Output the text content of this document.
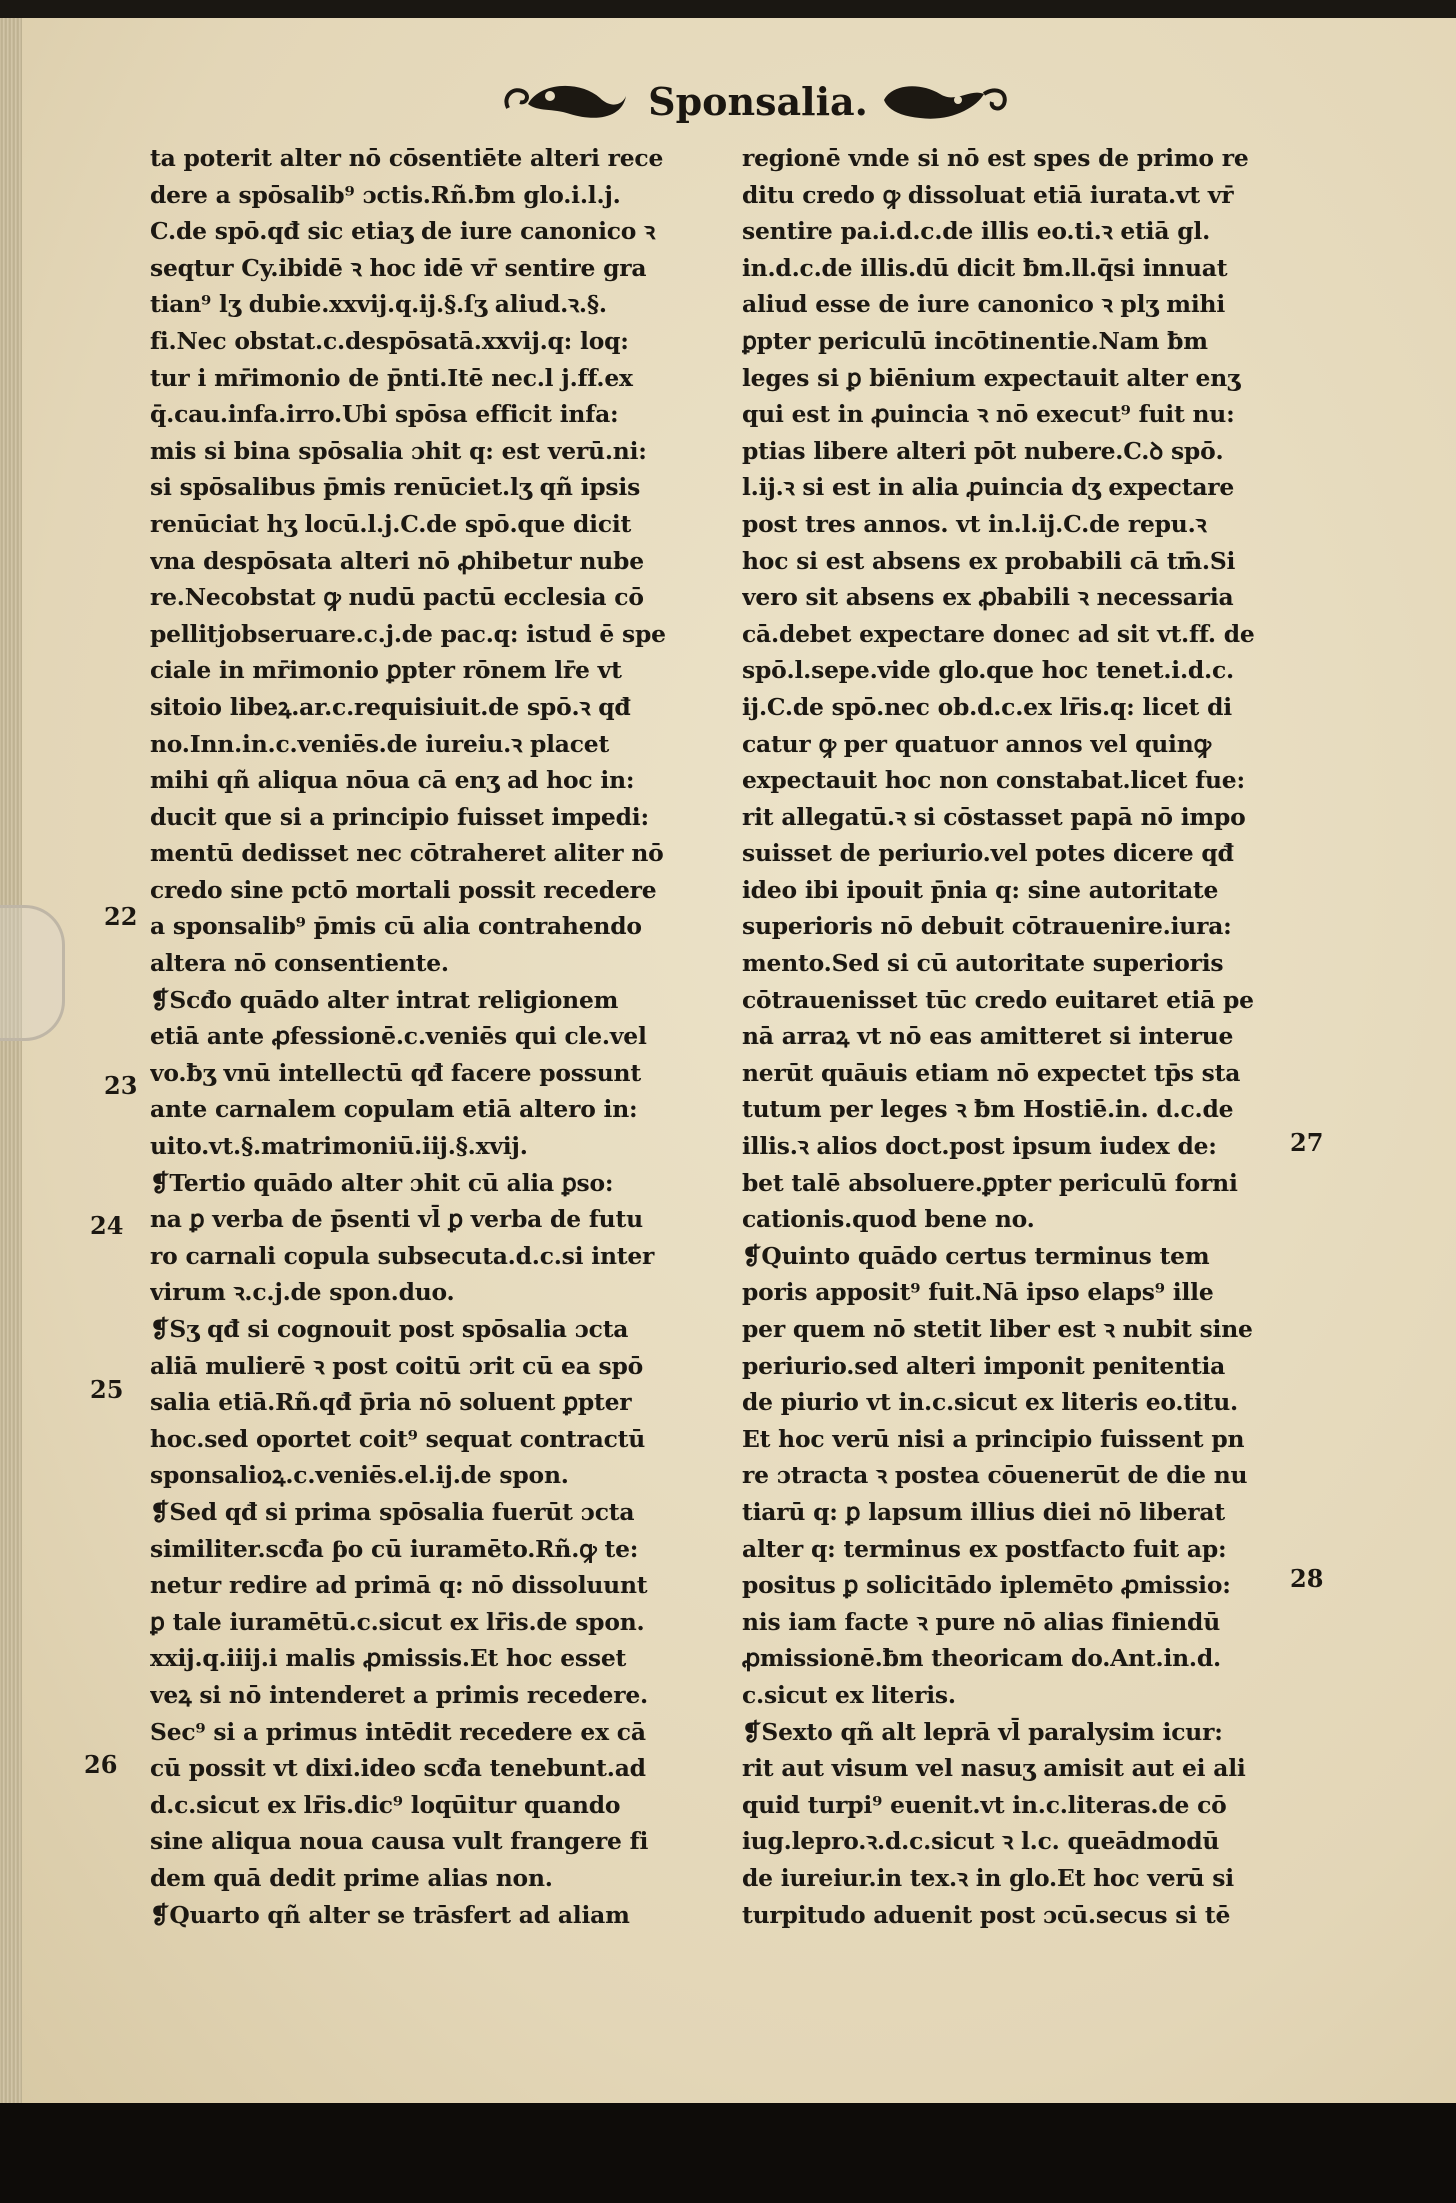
Sponsalia.
ta poterit alter nō cōsentiēte alteri rece
dere a spōsalib⁹ ɔctis.Rñ.ƀm glo.i.l.j.
C.de spō.qđ sic etiaʒ de iure canonico ꝛ
seqtur Cy.ibidē ꝛ hoc idē vr̄ sentire gra
tian⁹ lʒ dubie.xxvij.q.ij.§.ſʒ aliud.ꝛ.§.
fi.Nec obstat.c.despōsatā.xxvij.q: loq:
tur i mr̄imonio de p̄nti.Itē nec.l j.ff.ex
q̄.cau.infa.irro.Ubi spōsa efficit infa:
mis si bina spōsalia ɔhit q: est verū.ni:
si spōsalibus p̄mis renūciet.lʒ qñ ipsis
renūciat hʒ locū.l.j.C.de spō.que dicit
vna despōsata alteri nō ꝓhibetur nube
re.Necobstat ꝙ nudū pactū ecclesia cō
pellitjobseruare.c.j.de pac.q: istud ē spe
ciale in mr̄imonio ꝑpter rōnem lr̄e vt
sitoio libeꝝ.ar.c.requisiuit.de spō.ꝛ qđ
no.Inn.in.c.veniēs.de iureiu.ꝛ placet
mihi qñ aliqua nōua cā enʒ ad hoc in:
ducit que si a principio fuisset impedi:
mentū dedisset nec cōtraheret aliter nō
credo sine pctō mortali possit recedere
a sponsalib⁹ p̄mis cū alia contrahendo
altera nō consentiente.
❡Scđo quādo alter intrat religionem
etiā ante ꝓfessionē.c.veniēs qui cle.vel
vo.ƀʒ vnū intellectū qđ facere possunt
ante carnalem copulam etiā altero in:
uito.vt.§.matrimoniū.iij.§.xvij.
❡Tertio quādo alter ɔhit cū alia ꝑso:
na ꝑ verba de p̄senti vl̄ ꝑ verba de futu
ro carnali copula subsecuta.d.c.si inter
virum ꝛ.c.j.de spon.duo.
❡Sʒ qđ si cognouit post spōsalia ɔcta
aliā mulierē ꝛ post coitū ɔrit cū ea spō
salia etiā.Rñ.qđ p̄ria nō soluent ꝑpter
hoc.sed oportet coit⁹ sequat contractū
sponsalioꝝ.c.veniēs.el.ij.de spon.
❡Sed qđ si prima spōsalia fuerūt ɔcta
similiter.scđa ƥo cū iuramēto.Rñ.ꝙ te:
netur redire ad primā q: nō dissoluunt
ꝑ tale iuramētū.c.sicut ex lr̄is.de spon.
xxij.q.iiij.i malis ꝓmissis.Et hoc esset
veꝝ si nō intenderet a primis recedere.
Sec⁹ si a primus intēdit recedere ex cā
cū possit vt dixi.ideo scđa tenebunt.ad
d.c.sicut ex lr̄is.dic⁹ loqūitur quando
sine aliqua noua causa vult frangere fi
dem quā dedit prime alias non.
❡Quarto qñ alter se trāsfert ad aliam
regionē vnde si nō est spes de primo re
ditu credo ꝙ dissoluat etiā iurata.vt vr̄
sentire pa.i.d.c.de illis eo.ti.ꝛ etiā gl.
in.d.c.de illis.dū dicit ƀm.ll.q̄si innuat
aliud esse de iure canonico ꝛ plʒ mihi
ꝑpter periculū incōtinentie.Nam ƀm
leges si ꝑ biēnium expectauit alter enʒ
qui est in ꝓuincia ꝛ nō execut⁹ fuit nu:
ptias libere alteri pōt nubere.C.ꝺ spō.
l.ij.ꝛ si est in alia ꝓuincia dʒ expectare
post tres annos. vt in.l.ij.C.de repu.ꝛ
hoc si est absens ex probabili cā tm̄.Si
vero sit absens ex ꝓbabili ꝛ necessaria
cā.debet expectare donec ad sit vt.ff. de
spō.l.sepe.vide glo.que hoc tenet.i.d.c.
ij.C.de spō.nec ob.d.c.ex lr̄is.q: licet di
catur ꝙ per quatuor annos vel quinꝙ
expectauit hoc non constabat.licet fue:
rit allegatū.ꝛ si cōstasset papā nō impo
suisset de periurio.vel potes dicere qđ
ideo ibi ipouit p̄nia q: sine autoritate
superioris nō debuit cōtrauenire.iura:
mento.Sed si cū autoritate superioris
cōtrauenisset tūc credo euitaret etiā pe
nā arraꝝ vt nō eas amitteret si interue
nerūt quāuis etiam nō expectet tp̄s sta
tutum per leges ꝛ ƀm Hostiē.in. d.c.de
illis.ꝛ alios doct.post ipsum iudex de:
bet talē absoluere.ꝑpter periculū forni
cationis.quod bene no.
❡Quinto quādo certus terminus tem
poris apposit⁹ fuit.Nā ipso elaps⁹ ille
per quem nō stetit liber est ꝛ nubit sine
periurio.sed alteri imponit penitentia
de piurio vt in.c.sicut ex literis eo.titu.
Et hoc verū nisi a principio fuissent pn
re ɔtracta ꝛ postea cōuenerūt de die nu
tiarū q: ꝑ lapsum illius diei nō liberat
alter q: terminus ex postfacto fuit ap:
positus ꝑ solicitādo iplemēto ꝓmissio:
nis iam facte ꝛ pure nō alias finiendū
ꝓmissionē.ƀm theoricam do.Ant.in.d.
c.sicut ex literis.
❡Sexto qñ alt leprā vl̄ paralysim icur:
rit aut visum vel nasuʒ amisit aut ei ali
quid turpi⁹ euenit.vt in.c.literas.de cō
iug.lepro.ꝛ.d.c.sicut ꝛ l.c. queādmodū
de iureiur.in tex.ꝛ in glo.Et hoc verū si
turpitudo aduenit post ɔcū.secus si tē
22
23
24
25
26
27
28
